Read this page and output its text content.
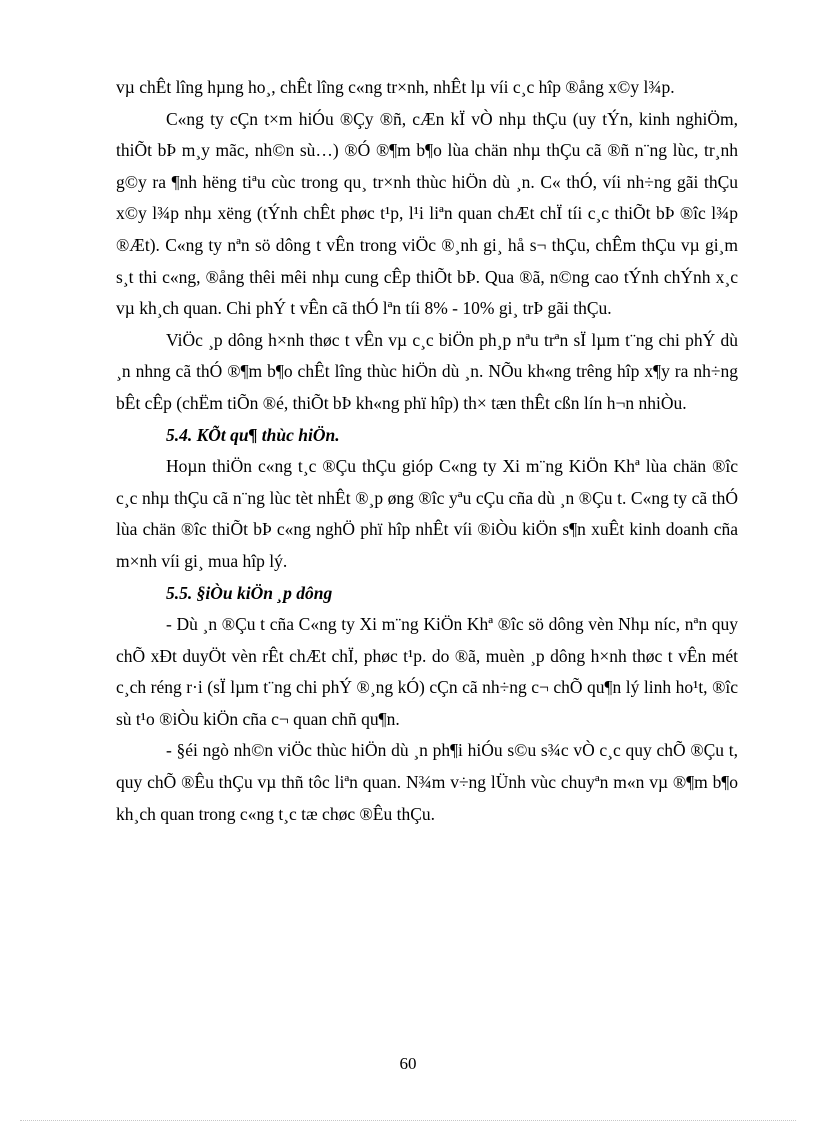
vµ chÊt lîng hµng ho¸, chÊt lîng c«ng tr×nh, nhÊt lµ víi c¸c hîp ®ång x©y l¾p.

C«ng ty cÇn t×m hiÓu ®Çy ®ñ, cÆn kÏ vÒ nhµ thÇu (uy tÝn, kinh nghiÖm, thiÕt bÞ m¸y mãc, nh©n sù…) ®Ó ®¶m b¶o lùa chän nhµ thÇu cã ®ñ n¨ng lùc, tr¸nh g©y ra ¶nh hëng tiªu cùc trong qu¸ tr×nh thùc hiÖn dù ¸n. C« thÓ, víi nh÷ng gãi thÇu x©y l¾p nhµ xëng (tÝnh chÊt phøc t¹p, l¹i liªn quan chÆt chÏ tíi c¸c thiÕt bÞ ®îc l¾p ®Æt). C«ng ty nªn sö dông t vÊn trong viÖc ®¸nh gi¸ hå s¬ thÇu, chÊm thÇu vµ gi¸m s¸t thi c«ng, ®ång thêi mêi nhµ cung cÊp thiÕt bÞ. Qua ®ã, n©ng cao tÝnh chÝnh x¸c vµ kh¸ch quan. Chi phÝ t vÊn cã thÓ lªn tíi 8% - 10% gi¸ trÞ gãi thÇu.

ViÖc ¸p dông h×nh thøc t vÊn vµ c¸c biÖn ph¸p nªu trªn sÏ lµm t¨ng chi phÝ dù ¸n nhng cã thÓ ®¶m b¶o chÊt lîng thùc hiÖn dù ¸n. NÕu kh«ng trêng hîp x¶y ra nh÷ng bÊt cÊp (chËm tiÕn ®é, thiÕt bÞ kh«ng phï hîp) th× tæn thÊt cßn lín h¬n nhiÒu.

5.4. KÕt qu¶ thùc hiÖn.

Hoµn thiÖn c«ng t¸c ®Çu thÇu gióp C«ng ty Xi m¨ng KiÖn Khª lùa chän ®îc c¸c nhµ thÇu cã n¨ng lùc tèt nhÊt ®¸p øng ®îc yªu cÇu cña dù ¸n ®Çu t. C«ng ty cã thÓ lùa chän ®îc thiÕt bÞ c«ng nghÖ phï hîp nhÊt víi ®iÒu kiÖn s¶n xuÊt kinh doanh cña m×nh víi gi¸ mua hîp lý.

5.5. §iÒu kiÖn ¸p dông

- Dù ¸n ®Çu t cña C«ng ty Xi m¨ng KiÖn Khª ®îc sö dông vèn Nhµ níc, nªn quy chÕ xÐt duyÖt vèn rÊt chÆt chÏ, phøc t¹p. do ®ã, muèn ¸p dông h×nh thøc t vÊn mét c¸ch réng r·i (sÏ lµm t¨ng chi phÝ ®¸ng kÓ) cÇn cã nh÷ng c¬ chÕ qu¶n lý linh ho¹t, ®îc sù t¹o ®iÒu kiÖn cña c¬ quan chñ qu¶n.

- §éi ngò nh©n viÖc thùc hiÖn dù ¸n ph¶i hiÓu s©u s¾c vÒ c¸c quy chÕ ®Çu t, quy chÕ ®Êu thÇu vµ thñ tôc liªn quan. N¾m v÷ng lÜnh vùc chuyªn m«n vµ ®¶m b¶o kh¸ch quan trong c«ng t¸c tæ chøc ®Êu thÇu.

60
